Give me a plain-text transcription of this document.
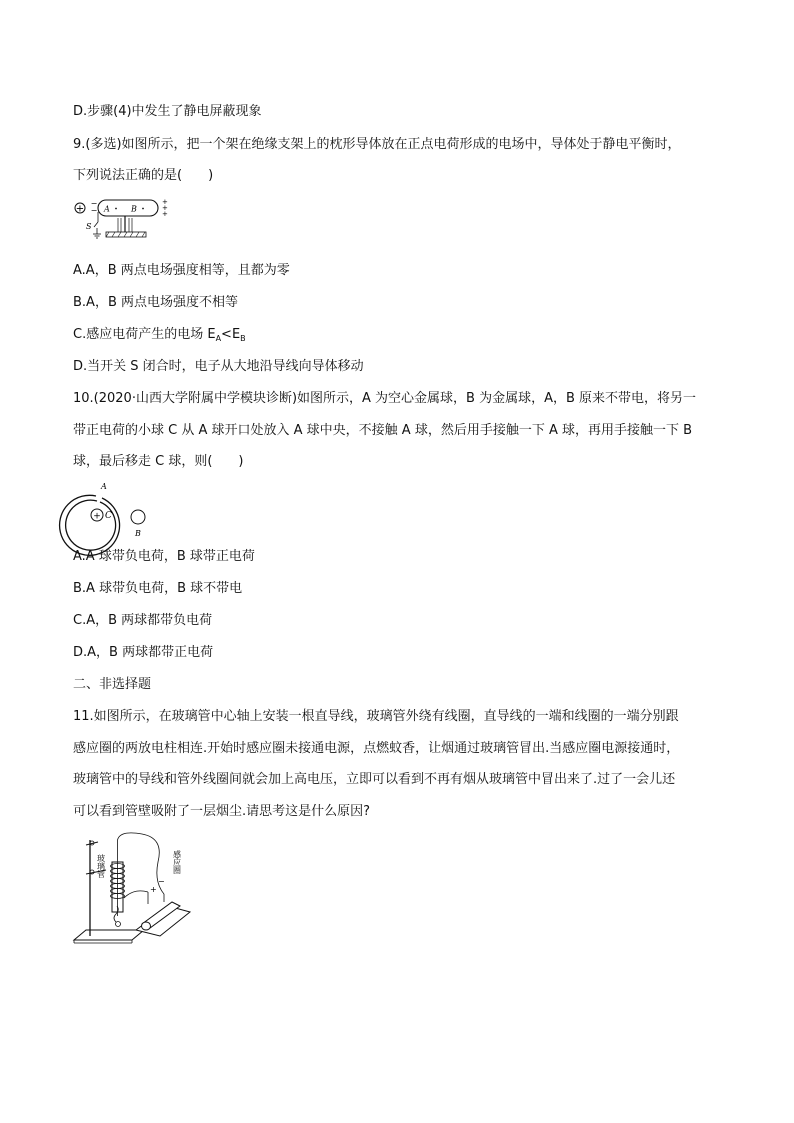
D.步骤(4)中发生了静电屏蔽现象
9.(多选)如图所示，把一个架在绝缘支架上的枕形导体放在正点电荷形成的电场中，导体处于静电平衡时，
下列说法正确的是(　　)
+ −
− A	B
+
+
+
S
A.A，B 两点电场强度相等，且都为零
B.A，B 两点电场强度不相等
C.感应电荷产生的电场 $E_A<E_B$
D.当开关 S 闭合时，电子从大地沿导线向导体移动
10.(2020·山西大学附属中学模块诊断)如图所示，A 为空心金属球，B 为金属球，A，B 原来不带电，将另一
带正电荷的小球 C 从 A 球开口处放入 A 球中央，不接触 A 球，然后用手接触一下 A 球，再用手接触一下 B
球，最后移走 C 球，则(　　)
A
+ C
B
A.A 球带负电荷，B 球带正电荷
B.A 球带负电荷，B 球不带电
C.A，B 两球都带负电荷
D.A，B 两球都带正电荷
二、非选择题
11.如图所示，在玻璃管中心轴上安装一根直导线，玻璃管外绕有线圈，直导线的一端和线圈的一端分别跟
感应圈的两放电柱相连.开始时感应圈未接通电源，点燃蚊香，让烟通过玻璃管冒出.当感应圈电源接通时，
玻璃管中的导线和管外线圈间就会加上高电压，立即可以看到不再有烟从玻璃管中冒出来了.过了一会儿还
可以看到管壁吸附了一层烟尘.请思考这是什么原因?
+
−
玻璃管	感应圈
